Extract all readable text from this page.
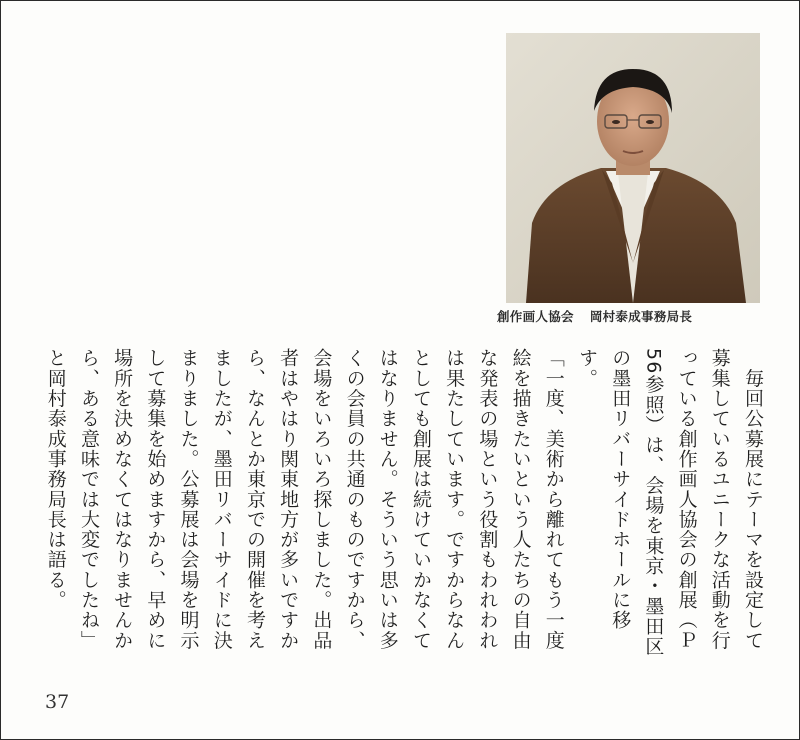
創作画人協会 岡村泰成事務局長

　毎回公募展にテーマを設定して募集しているユニークな活動を行っている創作画人協会の創展（Ｐ56参照）は、会場を東京・墨田区の墨田リバーサイドホールに移す。

「一度、美術から離れてもう一度絵を描きたいという人たちの自由な発表の場という役割もわれわれは果たしています。ですからなんとしても創展は続けていかなくてはなりません。そういう思いは多くの会員の共通のものですから、会場をいろいろ探しました。出品者はやはり関東地方が多いですから、なんとか東京での開催を考えましたが、墨田リバーサイドに決まりました。公募展は会場を明示して募集を始めますから、早めに場所を決めなくてはなりませんから、ある意味では大変でしたね」

と岡村泰成事務局長は語る。

37
